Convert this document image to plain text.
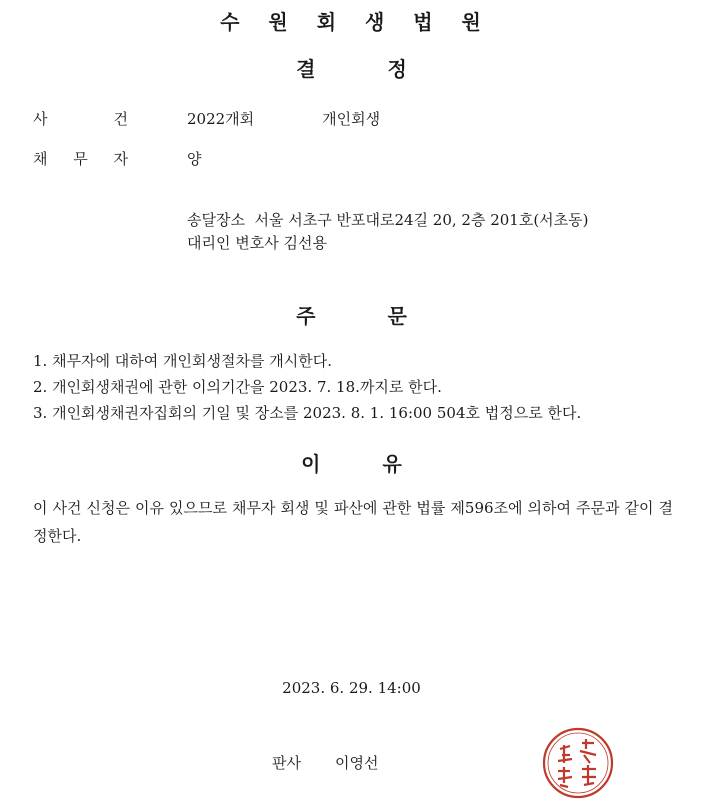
수 원 회 생 법 원
결	정
사	건	2022개회	개인회생
채 무 자	양
송달장소  서울 서초구 반포대로24길 20, 2층 201호(서초동)
대리인 변호사 김선용
주	문
1. 채무자에 대하여 개인회생절차를 개시한다.
2. 개인회생채권에 관한 이의기간을 2023. 7. 18.까지로 한다.
3. 개인회생채권자집회의 기일 및 장소를 2023. 8. 1. 16:00 504호 법정으로 한다.
이	유
이 사건 신청은 이유 있으므로 채무자 회생 및 파산에 관한 법률 제596조에 의하여 주문과 같이 결정한다.
2023. 6. 29. 14:00
판사 이영선
